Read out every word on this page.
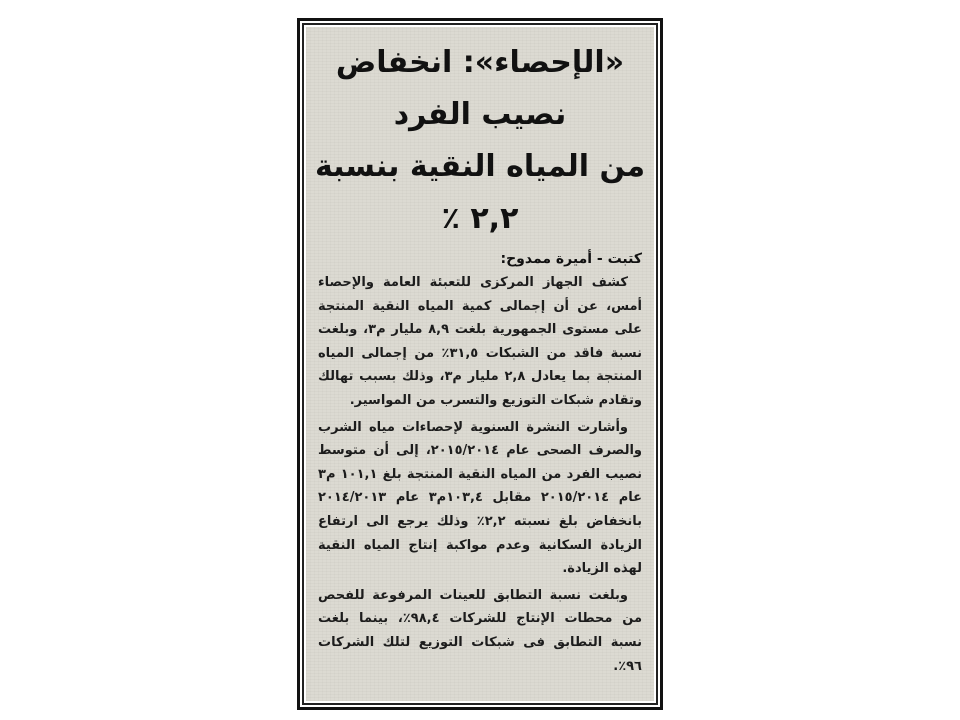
«الإحصاء»: انخفاض نصيب الفرد
من المياه النقية بنسبة ٢,٢ ٪
كتبت - أميرة ممدوح:

كشف الجهاز المركزى للتعبئة العامة والإحصاء أمس، عن أن إجمالى كمية المياه النقية المنتجة على مستوى الجمهورية بلغت ٨,٩ مليار م٣، وبلغت نسبة فاقد من الشبكات ٣١,٥٪ من إجمالى المياه المنتجة بما يعادل ٢,٨ مليار م٣، وذلك بسبب تهالك وتقادم شبكات التوزيع والتسرب من المواسير.

وأشارت النشرة السنوية لإحصاءات مياه الشرب والصرف الصحى عام ٢٠١٥/٢٠١٤، إلى أن متوسط نصيب الفرد من المياه النقية المنتجة بلغ ١٠١,١ م٣ عام ٢٠١٥/٢٠١٤ مقابل ١٠٣,٤م٣ عام ٢٠١٤/٢٠١٣ بانخفاض بلغ نسبته ٢,٢٪ وذلك يرجع الى ارتفاع الزيادة السكانية وعدم مواكبة إنتاج المياه النقية لهذه الزيادة.

وبلغت نسبة التطابق للعينات المرفوعة للفحص من محطات الإنتاج للشركات ٩٨,٤٪، بينما بلغت نسبة التطابق فى شبكات التوزيع لتلك الشركات ٩٦٪.
